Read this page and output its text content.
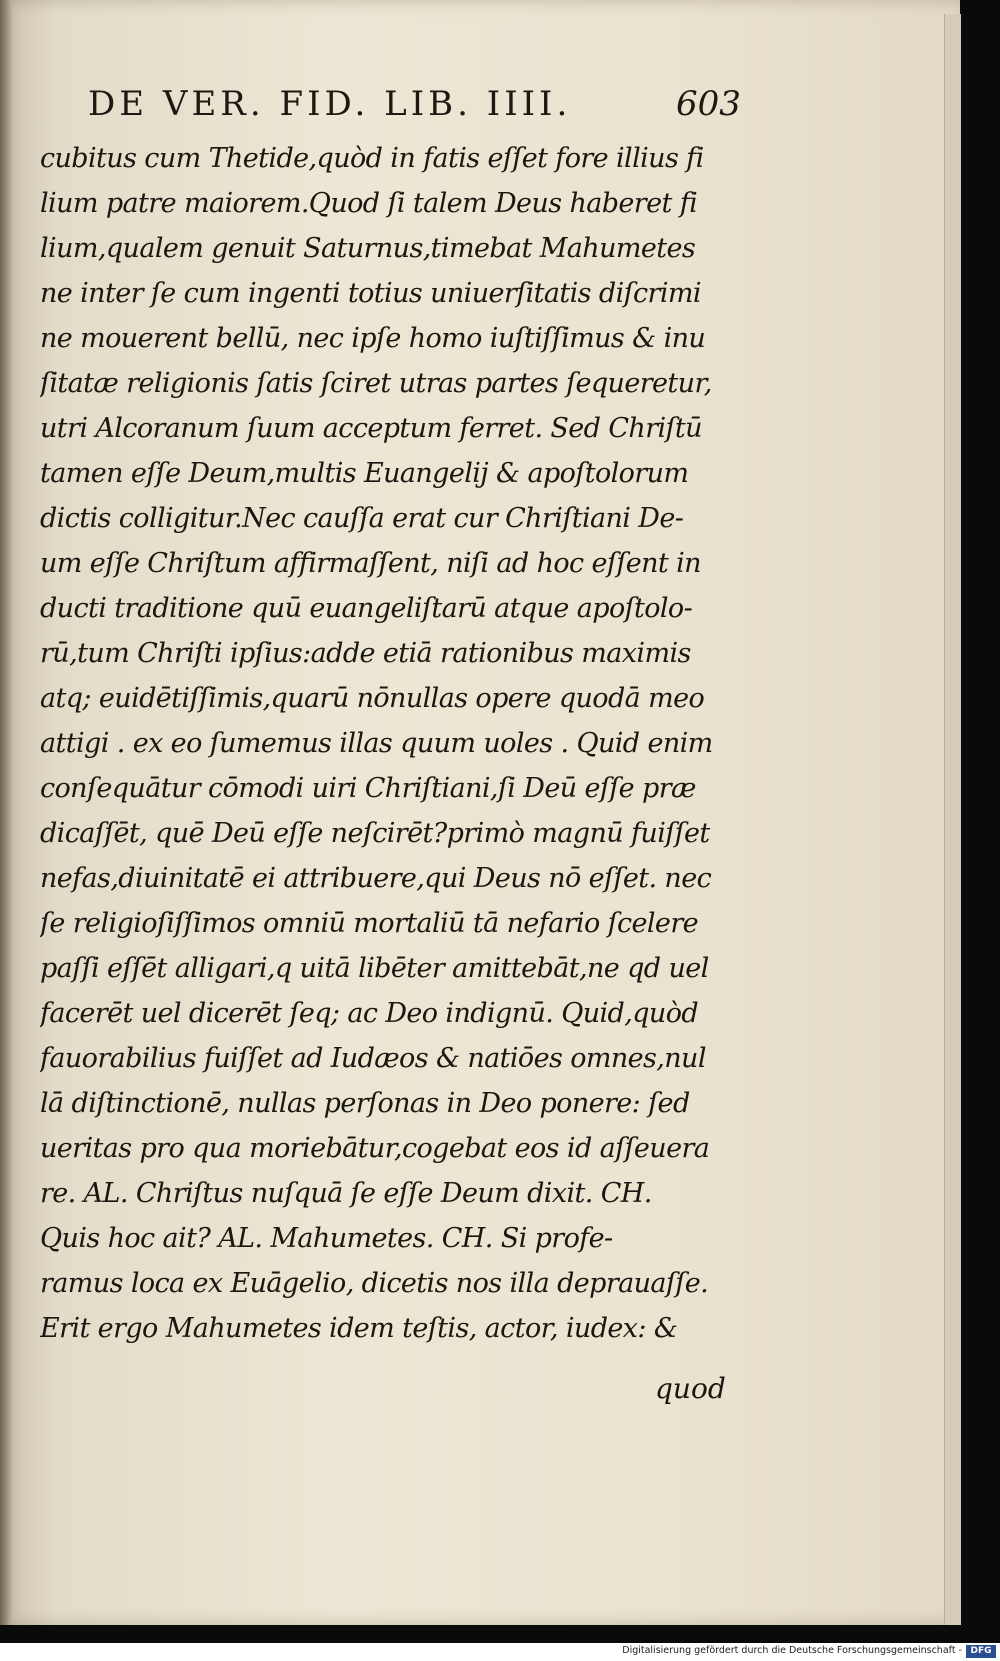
DE VER. FID. LIB. IIII.	603
cubitus cum Thetide,quòd in fatis eſſet fore illius fi
lium patre maiorem.Quod ſi talem Deus haberet fi
lium,qualem genuit Saturnus,timebat Mahumetes
ne inter ſe cum ingenti totius uniuerſitatis diſcrimi
ne mouerent bellū, nec ipſe homo iuſtiſſimus & inu
ſitatæ religionis ſatis ſciret utras partes ſequeretur,
utri Alcoranum ſuum acceptum ferret. Sed Chriſtū
tamen eſſe Deum,multis Euangelij & apoſtolorum
dictis colligitur.Nec cauſſa erat cur Chriſtiani De-
um eſſe Chriſtum affirmaſſent, niſi ad hoc eſſent in
ducti traditione quū euangeliſtarū atque apoſtolo-
rū,tum Chriſti ipſius:adde etiā rationibus maximis
atq; euidētiſſimis,quarū nōnullas opere quodā meo
attigi . ex eo ſumemus illas quum uoles . Quid enim
conſequātur cōmodi uiri Chriſtiani,ſi Deū eſſe præ
dicaſſēt, quē Deū eſſe neſcirēt?primò magnū fuiſſet
nefas,diuinitatē ei attribuere,qui Deus nō eſſet. nec
ſe religioſiſſimos omniū mortaliū tā nefario ſcelere
paſſi eſſēt alligari,q uitā libēter amittebāt,ne qd uel
facerēt uel dicerēt ſeq; ac Deo indignū. Quid,quòd
fauorabilius fuiſſet ad Iudæos & natiōes omnes,nul
lā diſtinctionē, nullas perſonas in Deo ponere: ſed
ueritas pro qua moriebātur,cogebat eos id aſſeuera
re. AL. Chriſtus nuſquā ſe eſſe Deum dixit. CH.
Quis hoc ait? AL. Mahumetes. CH. Si profe-
ramus loca ex Euāgelio, dicetis nos illa deprauaſſe.
Erit ergo Mahumetes idem teſtis, actor, iudex: &
quod
Digitalisierung gefördert durch die Deutsche Forschungsgemeinschaft - DFG
